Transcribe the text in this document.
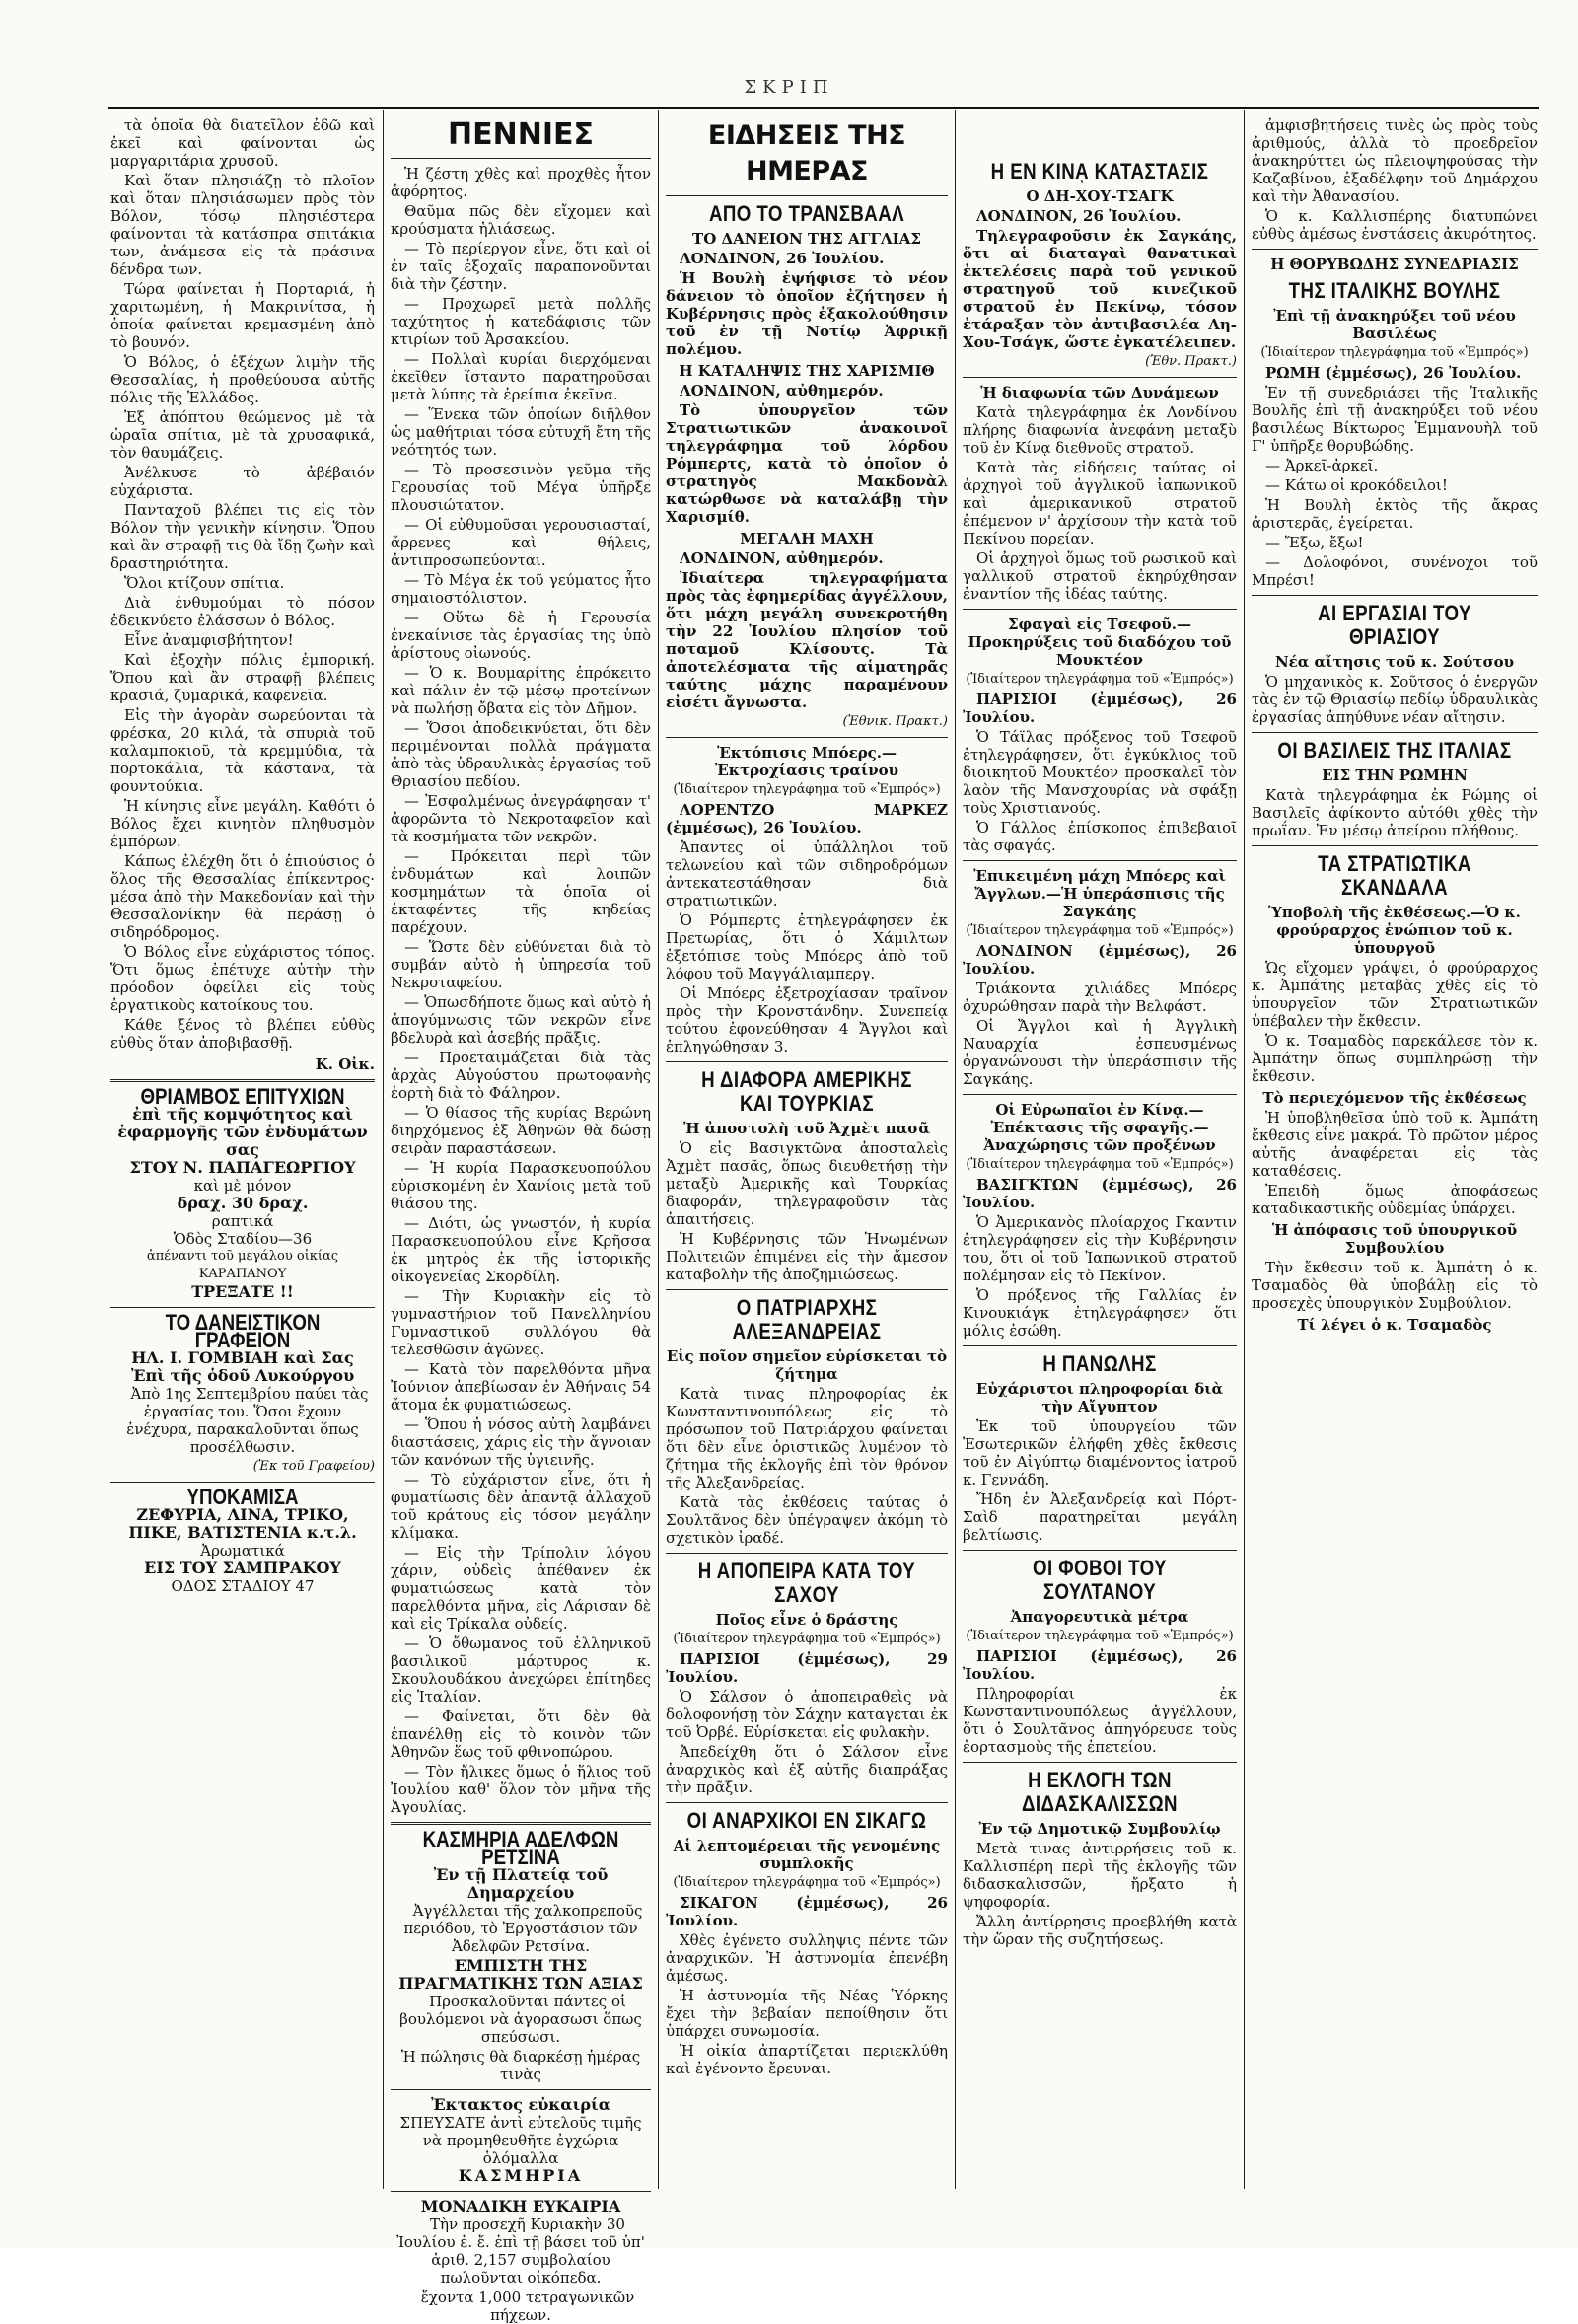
ΣΚΡΙΠ

τὰ ὁποῖα θὰ διατεῖλον ἐδῶ καὶ ἐκεῖ καὶ φαίνονται ὡς μαργαριτάρια χρυσοῦ.

Καὶ ὅταν πλησιάζῃ τὸ πλοῖον καὶ ὅταν πλησιάσωμεν πρὸς τὸν Βόλον, τόσῳ πλησιέστερα φαίνονται τὰ κατάσπρα σπιτάκια των, ἀνάμεσα εἰς τὰ πράσινα δένδρα των.

Τώρα φαίνεται ἡ Πορταριά, ἡ χαριτωμένη, ἡ Μακρινίτσα, ἡ ὁποία φαίνεται κρεμασμένη ἀπὸ τὸ βουνόν.

Ὁ Βόλος, ὁ ἐξέχων λιμὴν τῆς Θεσσαλίας, ἡ προθεύουσα αὐτῆς πόλις τῆς Ἑλλάδος.

Ἐξ ἀπόπτου θεώμενος μὲ τὰ ὡραῖα σπίτια, μὲ τὰ χρυσαφικά, τὸν θαυμάζεις.

Ἀνέλκυσε τὸ ἀβέβαιόν εὐχάριστα.

Πανταχοῦ βλέπει τις εἰς τὸν Βόλον τὴν γενικὴν κίνησιν. Ὅπου καὶ ἂν στραφῇ τις θὰ ἴδῃ ζωὴν καὶ δραστηριότητα.

Ὅλοι κτίζουν σπίτια.

Διὰ ἐνθυμούμαι τὸ πόσον ἐδεικνύετο ἐλάσσων ὁ Βόλος.

Εἶνε ἀναμφισβήτητον!

Καὶ ἐξοχὴν πόλις ἐμπορική. Ὅπου καὶ ἂν στραφῇ βλέπεις κρασιά, ζυμαρικά, καφενεῖα.

Εἰς τὴν ἀγορὰν σωρεύονται τὰ φρέσκα, 20 κιλά, τὰ σπυριὰ τοῦ καλαμποκιοῦ, τὰ κρεμμύδια, τὰ πορτοκάλια, τὰ κάστανα, τὰ φουντούκια.

Ἡ κίνησις εἶνε μεγάλη. Καθότι ὁ Βόλος ἔχει κινητὸν πληθυσμὸν ἐμπόρων.

Κάπως ἐλέχθη ὅτι ὁ ἐπιούσιος ὁ ὅλος τῆς Θεσσαλίας ἐπίκεντρος· μέσα ἀπὸ τὴν Μακεδονίαν καὶ τὴν Θεσσαλονίκην θὰ περάσῃ ὁ σιδηρόδρομος.

Ὁ Βόλος εἶνε εὐχάριστος τόπος. Ὅτι ὅμως ἐπέτυχε αὐτὴν τὴν πρόοδον ὀφείλει εἰς τοὺς ἐργατικοὺς κατοίκους του.

Κάθε ξένος τὸ βλέπει εὐθὺς εὐθὺς ὅταν ἀποβιβασθῇ.

Κ. Οἰκ.
ΘΡΙΑΜΒΟΣ ΕΠΙΤΥΧΙΩΝ
ἐπὶ τῆς κομψότητος καὶ ἐφαρμογῆς τῶν ἐνδυμάτων σας
ΣΤΟΥ Ν. ΠΑΠΑΓΕΩΡΓΙΟΥ
καὶ μὲ μόνον
δραχ. 30 δραχ.
ραπτικά
Ὁδὸς Σταδίου—36
ἀπέναντι τοῦ μεγάλου οἰκίας ΚΑΡΑΠΑΝΟΥ
ΤΡΕΞΑΤΕ !!
ΤΟ ΔΑΝΕΙΣΤΙΚΟΝ ΓΡΑΦΕΙΟΝ
ΗΛ. Ι. ΓΟΜΒΙΑΗ καὶ Σας
Ἐπὶ τῆς ὁδοῦ Λυκούργου

Ἀπὸ 1ης Σεπτεμβρίου παύει τὰς ἐργασίας του. Ὅσοι ἔχουν ἐνέχυρα, παρακαλοῦνται ὅπως προσέλθωσιν.

(Ἐκ τοῦ Γραφείου)
ΥΠΟΚΑΜΙΣΑ
ΖΕΦΥΡΙΑ, ΛΙΝΑ, ΤΡΙΚΟ, ΠΙΚΕ, ΒΑΤΙΣΤΕΝΙΑ κ.τ.λ.
Ἀρωματικά
ΕΙΣ ΤΟΥ ΣΑΜΠΡΑΚΟΥ
ΟΔΟΣ ΣΤΑΔΙΟΥ 47
ΠΕΝΝΙΕΣ

Ἡ ζέστη χθὲς καὶ προχθὲς ἦτον ἀφόρητος.

Θαῦμα πῶς δὲν εἴχομεν καὶ κρούσματα ἡλιάσεως.

— Τὸ περίεργον εἶνε, ὅτι καὶ οἱ ἐν ταῖς ἐξοχαῖς παραπονοῦνται διὰ τὴν ζέστην.

— Προχωρεῖ μετὰ πολλῆς ταχύτητος ἡ κατεδάφισις τῶν κτιρίων τοῦ Ἀρσακείου.

— Πολλαὶ κυρίαι διερχόμεναι ἐκεῖθεν ἵσταντο παρατηροῦσαι μετὰ λύπης τὰ ἐρείπια ἐκεῖνα.

— Ἕνεκα τῶν ὁποίων διῆλθον ὡς μαθήτριαι τόσα εὐτυχῆ ἔτη τῆς νεότητός των.

— Τὸ προσεσινὸν γεῦμα τῆς Γερουσίας τοῦ Μέγα ὑπῆρξε πλουσιώτατον.

— Οἱ εὐθυμοῦσαι γερουσιασταί, ἄρρενες καὶ θήλεις, ἀντιπροσωπεύονται.

— Τὸ Μέγα ἐκ τοῦ γεύματος ἦτο σημαιοστόλιστον.

— Οὕτω δὲ ἡ Γερουσία ἐνεκαίνισε τὰς ἐργασίας της ὑπὸ ἀρίστους οἰωνούς.

— Ὁ κ. Βουμαρίτης ἐπρόκειτο καὶ πάλιν ἐν τῷ μέσῳ προτείνων νὰ πωλήσῃ ὄβατα εἰς τὸν Δῆμον.

— Ὅσοι ἀποδεικνύεται, ὅτι δὲν περιμένονται πολλὰ πράγματα ἀπὸ τὰς ὑδραυλικὰς ἐργασίας τοῦ Θριασίου πεδίου.

— Ἐσφαλμένως ἀνεγράφησαν τ' ἀφορῶντα τὸ Νεκροταφεῖον καὶ τὰ κοσμήματα τῶν νεκρῶν.

— Πρόκειται περὶ τῶν ἐνδυμάτων καὶ λοιπῶν κοσμημάτων τὰ ὁποῖα οἱ ἐκταφέντες τῆς κηδείας παρέχουν.

— Ὥστε δὲν εὐθύνεται διὰ τὸ συμβάν αὐτὸ ἡ ὑπηρεσία τοῦ Νεκροταφείου.

— Ὁπωσδήποτε ὅμως καὶ αὐτὸ ἡ ἀπογύμνωσις τῶν νεκρῶν εἶνε βδελυρὰ καὶ ἀσεβής πρᾶξις.

— Προεταιμάζεται διὰ τὰς ἀρχὰς Αὐγούστου πρωτοφανὴς ἑορτὴ διὰ τὸ Φάληρον.

— Ὁ θίασος τῆς κυρίας Βερώνη διηρχόμενος ἐξ Ἀθηνῶν θὰ δώσῃ σειρὰν παραστάσεων.

— Ἡ κυρία Παρασκευοπούλου εὑρισκομένη ἐν Χανίοις μετὰ τοῦ θιάσου της.

— Διότι, ὡς γνωστόν, ἡ κυρία Παρασκευοπούλου εἶνε Κρῆσσα ἐκ μητρὸς ἐκ τῆς ἱστορικῆς οἰκογενείας Σκορδίλη.

— Τὴν Κυριακὴν εἰς τὸ γυμναστήριον τοῦ Πανελληνίου Γυμναστικοῦ συλλόγου θὰ τελεσθῶσιν ἀγῶνες.

— Κατὰ τὸν παρελθόντα μῆνα Ἰούνιον ἀπεβίωσαν ἐν Ἀθήναις 54 ἄτομα ἐκ φυματιώσεως.

— Ὅπου ἡ νόσος αὐτὴ λαμβάνει διαστάσεις, χάρις εἰς τὴν ἄγνοιαν τῶν κανόνων τῆς ὑγιεινῆς.

— Τὸ εὐχάριστον εἶνε, ὅτι ἡ φυματίωσις δὲν ἀπαντᾷ ἀλλαχοῦ τοῦ κράτους εἰς τόσον μεγάλην κλίμακα.

— Εἰς τὴν Τρίπολιν λόγου χάριν, οὐδεὶς ἀπέθανεν ἐκ φυματιώσεως κατὰ τὸν παρελθόντα μῆνα, εἰς Λάρισαν δὲ καὶ εἰς Τρίκαλα οὐδείς.

— Ὁ ὄθωμανος τοῦ ἑλληνικοῦ βασιλικοῦ μάρτυρος κ. Σκουλουδάκου ἀνεχώρει ἐπίτηδες εἰς Ἰταλίαν.

— Φαίνεται, ὅτι δὲν θὰ ἐπανέλθῃ εἰς τὸ κοινὸν τῶν Ἀθηνῶν ἕως τοῦ φθινοπώρου.

— Τὸν ἤλικες ὅμως ὁ ἥλιος τοῦ Ἰουλίου καθ' ὅλον τὸν μῆνα τῆς Ἀγουλίας.

ΚΑΣΜΗΡΙΑ ΑΔΕΛΦΩΝ ΡΕΤΣΙΝΑ
Ἐν τῇ Πλατείᾳ τοῦ Δημαρχείου

Ἀγγέλλεται τῆς χαλκοπρεποῦς περιόδου, τὸ Ἐργοστάσιον τῶν Ἀδελφῶν Ρετσίνα.

ΕΜΠΙΣΤΗ ΤΗΣ ΠΡΑΓΜΑΤΙΚΗΣ ΤΩΝ ΑΞΙΑΣ

Προσκαλοῦνται πάντες οἱ βουλόμενοι νὰ ἀγορασωσι ὅπως σπεύσωσι.

Ἡ πώλησις θὰ διαρκέσῃ ἡμέρας τινὰς
Ἐκτακτος εὐκαιρία
ΣΠΕΥΣΑΤΕ ἀντὶ εὐτελοῦς τιμῆς νὰ προμηθευθῆτε ἐγχώρια ὁλόμαλλα
ΚΑΣΜΗΡΙΑ
ΜΟΝΑΔΙΚΗ ΕΥΚΑΙΡΙΑ

Τὴν προσεχῆ Κυριακὴν 30 Ἰουλίου ἐ. ἔ. ἐπὶ τῇ βάσει τοῦ ὑπ' ἀριθ. 2,157 συμβολαίου πωλοῦνται οἰκόπεδα.

ἔχοντα 1,000 τετραγωνικῶν πήχεων.

ΕΙΔΗΣΕΙΣ ΤΗΣ ΗΜΕΡΑΣ
ΑΠΟ ΤΟ ΤΡΑΝΣΒΑΑΛ
ΤΟ ΔΑΝΕΙΟΝ ΤΗΣ ΑΓΓΛΙΑΣ
ΛΟΝΔΙΝΟΝ, 26 Ἰουλίου.

Ἡ Βουλὴ ἐψήφισε τὸ νέον δάνειον τὸ ὁποῖον ἐζήτησεν ἡ Κυβέρνησις πρὸς ἐξακολούθησιν τοῦ ἐν τῇ Νοτίῳ Ἀφρικῇ πολέμου.

Η ΚΑΤΑΛΗΨΙΣ ΤΗΣ ΧΑΡΙΣΜΙΘ
ΛΟΝΔΙΝΟΝ, αὐθημερόν.

Τὸ ὑπουργεῖον τῶν Στρατιωτικῶν ἀνακοινοῖ τηλεγράφημα τοῦ λόρδου Ρόμπερτς, κατὰ τὸ ὁποῖον ὁ στρατηγὸς Μακδονὰλ κατώρθωσε νὰ καταλάβῃ τὴν Χαρισμίθ.

ΜΕΓΑΛΗ ΜΑΧΗ
ΛΟΝΔΙΝΟΝ, αὐθημερόν.

Ἰδιαίτερα τηλεγραφήματα πρὸς τὰς ἐφημερίδας ἀγγέλλουν, ὅτι μάχη μεγάλη συνεκροτήθη τὴν 22 Ἰουλίου πλησίον τοῦ ποταμοῦ Κλίσουτς. Τὰ ἀποτελέσματα τῆς αἱματηρᾶς ταύτης μάχης παραμένουν εἰσέτι ἄγνωστα.

(Ἐθνικ. Πρακτ.)
Ἐκτόπισις Μπόερς.—Ἐκτροχίασις τραίνου
(Ἰδιαίτερον τηλεγράφημα τοῦ «Ἐμπρός»)
ΛΟΡΕΝΤΖΟ ΜΑΡΚΕΖ (ἐμμέσως), 26 Ἰουλίου.

Ἀπαντες οἱ ὑπάλληλοι τοῦ τελωνείου καὶ τῶν σιδηροδρόμων ἀντεκατεστάθησαν διὰ στρατιωτικῶν.

Ὁ Ρόμπερτς ἐτηλεγράφησεν ἐκ Πρετωρίας, ὅτι ὁ Χάμιλτων ἐξετόπισε τοὺς Μπόερς ἀπὸ τοῦ λόφου τοῦ Μαγγάλιαμπεργ.

Οἱ Μπόερς ἐξετροχίασαν τραῖνον πρὸς τὴν Κρονστάνδην. Συνεπείᾳ τούτου ἐφονεύθησαν 4 Ἄγγλοι καὶ ἐπληγώθησαν 3.

Η ΔΙΑΦΟΡΑ ΑΜΕΡΙΚΗΣ ΚΑΙ ΤΟΥΡΚΙΑΣ
Ἡ ἀποστολὴ τοῦ Ἀχμὲτ πασᾶ

Ὁ εἰς Βασιγκτῶνα ἀποσταλεὶς Ἀχμὲτ πασᾶς, ὅπως διευθετήσῃ τὴν μεταξὺ Ἀμερικῆς καὶ Τουρκίας διαφοράν, τηλεγραφοῦσιν τὰς ἀπαιτήσεις.

Ἡ Κυβέρνησις τῶν Ἡνωμένων Πολιτειῶν ἐπιμένει εἰς τὴν ἄμεσον καταβολὴν τῆς ἀποζημιώσεως.

Ο ΠΑΤΡΙΑΡΧΗΣ ΑΛΕΞΑΝΔΡΕΙΑΣ
Εἰς ποῖον σημεῖον εὑρίσκεται τὸ ζήτημα

Κατὰ τινας πληροφορίας ἐκ Κωνσταντινουπόλεως εἰς τὸ πρόσωπον τοῦ Πατριάρχου φαίνεται ὅτι δὲν εἶνε ὁριστικῶς λυμένον τὸ ζήτημα τῆς ἐκλογῆς ἐπὶ τὸν θρόνον τῆς Ἀλεξανδρείας.

Κατὰ τὰς ἐκθέσεις ταύτας ὁ Σουλτᾶνος δὲν ὑπέγραψεν ἀκόμη τὸ σχετικὸν ἰραδέ.

Η ΑΠΟΠΕΙΡΑ ΚΑΤΑ ΤΟΥ ΣΑΧΟΥ
Ποῖος εἶνε ὁ δράστης
(Ἰδιαίτερον τηλεγράφημα τοῦ «Ἐμπρός»)
ΠΑΡΙΣΙΟΙ (ἐμμέσως), 29 Ἰουλίου.

Ὁ Σάλσον ὁ ἀποπειραθεὶς νὰ δολοφονήσῃ τὸν Σάχην καταγεται ἐκ τοῦ Ὀρβέ. Εὑρίσκεται εἰς φυλακὴν.

Ἀπεδείχθη ὅτι ὁ Σάλσον εἶνε ἀναρχικὸς καὶ ἐξ αὐτῆς διαπράξας τὴν πρᾶξιν.

ΟΙ ΑΝΑΡΧΙΚΟΙ ΕΝ ΣΙΚΑΓΩ
Αἱ λεπτομέρειαι τῆς γενομένης συμπλοκῆς
(Ἰδιαίτερον τηλεγράφημα τοῦ «Ἐμπρός»)
ΣΙΚΑΓΟΝ (ἐμμέσως), 26 Ἰουλίου.

Χθὲς ἐγένετο συλληψις πέντε τῶν ἀναρχικῶν. Ἡ ἀστυνομία ἐπενέβη ἀμέσως.

Ἡ ἀστυνομία τῆς Νέας Ὑόρκης ἔχει τὴν βεβαίαν πεποίθησιν ὅτι ὑπάρχει συνωμοσία.

Ἡ οἰκία ἀπαρτίζεται περιεκλύθη καὶ ἐγένοντο ἔρευναι.

Η ΕΝ ΚΙΝᾼ ΚΑΤΑΣΤΑΣΙΣ
Ο ΔΗ-ΧΟΥ-ΤΣΑΓΚ
ΛΟΝΔΙΝΟΝ, 26 Ἰουλίου.

Τηλεγραφοῦσιν ἐκ Σαγκάης, ὅτι αἱ διαταγαὶ θανατικαὶ ἐκτελέσεις παρὰ τοῦ γενικοῦ στρατηγοῦ τοῦ κινεζικοῦ στρατοῦ ἐν Πεκίνῳ, τόσον ἐτάραξαν τὸν ἀντιβασιλέα Λη-Χου-Τσάγκ, ὥστε ἐγκατέλειπεν.

(Ἐθν. Πρακτ.)
Ἡ διαφωνία τῶν Δυνάμεων

Κατὰ τηλεγράφημα ἐκ Λονδίνου πλήρης διαφωνία ἀνεφάνη μεταξὺ τοῦ ἐν Κίνᾳ διεθνοῦς στρατοῦ.

Κατὰ τὰς εἰδήσεις ταύτας οἱ ἀρχηγοὶ τοῦ ἀγγλικοῦ ἰαπωνικοῦ καὶ ἀμερικανικοῦ στρατοῦ ἐπέμενον ν' ἀρχίσουν τὴν κατὰ τοῦ Πεκίνου πορείαν.

Οἱ ἀρχηγοὶ ὅμως τοῦ ρωσικοῦ καὶ γαλλικοῦ στρατοῦ ἐκηρύχθησαν ἐναντίον τῆς ἰδέας ταύτης.

Σφαγαὶ εἰς Τσεφοῦ.—Προκηρύξεις τοῦ διαδόχου τοῦ Μουκτέον
(Ἰδιαίτερον τηλεγράφημα τοῦ «Ἐμπρός»)
ΠΑΡΙΣΙΟΙ (ἐμμέσως), 26 Ἰουλίου.

Ὁ Τάϊλας πρόξενος τοῦ Τσεφοῦ ἐτηλεγράφησεν, ὅτι ἐγκύκλιος τοῦ διοικητοῦ Μουκτέον προσκαλεῖ τὸν λαὸν τῆς Μανσχουρίας νὰ σφάξῃ τοὺς Χριστιανούς.

Ὁ Γάλλος ἐπίσκοπος ἐπιβεβαιοῖ τὰς σφαγάς.

Ἐπικειμένη μάχη Μπόερς καὶ Ἄγγλων.—Ἡ ὑπεράσπισις τῆς Σαγκάης
(Ἰδιαίτερον τηλεγράφημα τοῦ «Ἐμπρός»)
ΛΟΝΔΙΝΟΝ (ἐμμέσως), 26 Ἰουλίου.

Τριάκοντα χιλιάδες Μπόερς ὀχυρώθησαν παρὰ τὴν Βελφάστ.

Οἱ Ἄγγλοι καὶ ἡ Ἀγγλικὴ Ναυαρχία ἐσπευσμένως ὀργανώνουσι τὴν ὑπεράσπισιν τῆς Σαγκάης.

Οἱ Εὐρωπαῖοι ἐν Κίνᾳ.—Ἐπέκτασις τῆς σφαγῆς.—Ἀναχώρησις τῶν προξένων
(Ἰδιαίτερον τηλεγράφημα τοῦ «Ἐμπρός»)
ΒΑΣΙΓΚΤΩΝ (ἐμμέσως), 26 Ἰουλίου.

Ὁ Ἀμερικανὸς πλοίαρχος Γκαντιν ἐτηλεγράφησεν εἰς τὴν Κυβέρνησιν του, ὅτι οἱ τοῦ Ἰαπωνικοῦ στρατοῦ πολέμησαν εἰς τὸ Πεκίνον.

Ὁ πρόξενος τῆς Γαλλίας ἐν Κινουκιάγκ ἐτηλεγράφησεν ὅτι μόλις ἐσώθη.

Η ΠΑΝΩΛΗΣ
Εὐχάριστοι πληροφορίαι διὰ τὴν Αἴγυπτον

Ἐκ τοῦ ὑπουργείου τῶν Ἐσωτερικῶν ἐλήφθη χθὲς ἔκθεσις τοῦ ἐν Αἰγύπτῳ διαμένοντος ἰατροῦ κ. Γεννάδη.

Ἤδη ἐν Ἀλεξανδρείᾳ καὶ Πόρτ-Σαὶδ παρατηρεῖται μεγάλη βελτίωσις.

ΟΙ ΦΟΒΟΙ ΤΟΥ ΣΟΥΛΤΑΝΟΥ
Ἀπαγορευτικὰ μέτρα
(Ἰδιαίτερον τηλεγράφημα τοῦ «Ἐμπρός»)
ΠΑΡΙΣΙΟΙ (ἐμμέσως), 26 Ἰουλίου.

Πληροφορίαι ἐκ Κωνσταντινουπόλεως ἀγγέλλουν, ὅτι ὁ Σουλτᾶνος ἀπηγόρευσε τοὺς ἑορτασμοὺς τῆς ἐπετείου.

Η ΕΚΛΟΓΗ ΤΩΝ ΔΙΔΑΣΚΑΛΙΣΣΩΝ
Ἐν τῷ Δημοτικῷ Συμβουλίῳ

Μετὰ τινας ἀντιρρήσεις τοῦ κ. Καλλισπέρη περὶ τῆς ἐκλογῆς τῶν διδασκαλισσῶν, ἤρξατο ἡ ψηφοφορία.

Ἄλλη ἀντίρρησις προεβλήθη κατὰ τὴν ὥραν τῆς συζητήσεως.

ἀμφισβητήσεις τινὲς ὡς πρὸς τοὺς ἀριθμούς, ἀλλὰ τὸ προεδρεῖον ἀνακηρύττει ὡς πλειοψηφούσας τὴν Καζαβίνου, ἐξαδέλφην τοῦ Δημάρχου καὶ τὴν Ἀθανασίου.

Ὁ κ. Καλλισπέρης διατυπώνει εὐθὺς ἀμέσως ἐνστάσεις ἀκυρότητος.

Η ΘΟΡΥΒΩΔΗΣ ΣΥΝΕΔΡΙΑΣΙΣ
ΤΗΣ ΙΤΑΛΙΚΗΣ ΒΟΥΛΗΣ
Ἐπὶ τῇ ἀνακηρύξει τοῦ νέου Βασιλέως
(Ἰδιαίτερον τηλεγράφημα τοῦ «Ἐμπρός»)
ΡΩΜΗ (ἐμμέσως), 26 Ἰουλίου.

Ἐν τῇ συνεδριάσει τῆς Ἰταλικῆς Βουλῆς ἐπὶ τῇ ἀνακηρύξει τοῦ νέου βασιλέως Βίκτωρος Ἐμμανουὴλ τοῦ Γ' ὑπῆρξε θορυβώδης.

— Ἀρκεῖ-ἀρκεῖ.

— Κάτω οἱ κροκόδειλοι!

Ἡ Βουλὴ ἐκτὸς τῆς ἄκρας ἀριστερᾶς, ἐγείρεται.

— Ἔξω, ἔξω!

— Δολοφόνοι, συνένοχοι τοῦ Μπρέσι!

ΑΙ ΕΡΓΑΣΙΑΙ ΤΟΥ ΘΡΙΑΣΙΟΥ
Νέα αἴτησις τοῦ κ. Σούτσου

Ὁ μηχανικὸς κ. Σοῦτσος ὁ ἐνεργῶν τὰς ἐν τῷ Θριασίῳ πεδίῳ ὑδραυλικὰς ἐργασίας ἀπηύθυνε νέαν αἴτησιν.

ΟΙ ΒΑΣΙΛΕΙΣ ΤΗΣ ΙΤΑΛΙΑΣ
ΕΙΣ ΤΗΝ ΡΩΜΗΝ

Κατὰ τηλεγράφημα ἐκ Ρώμης οἱ Βασιλεῖς ἀφίκοντο αὐτόθι χθὲς τὴν πρωΐαν. Ἐν μέσῳ ἀπείρου πλήθους.

ΤΑ ΣΤΡΑΤΙΩΤΙΚΑ ΣΚΑΝΔΑΛΑ
Ὑποβολὴ τῆς ἐκθέσεως.—Ὁ κ. φρούραρχος ἐνώπιον τοῦ κ. ὑπουργοῦ

Ὡς εἴχομεν γράψει, ὁ φρούραρχος κ. Ἀμπάτης μεταβὰς χθὲς εἰς τὸ ὑπουργεῖον τῶν Στρατιωτικῶν ὑπέβαλεν τὴν ἔκθεσιν.

Ὁ κ. Τσαμαδὸς παρεκάλεσε τὸν κ. Ἀμπάτην ὅπως συμπληρώσῃ τὴν ἔκθεσιν.

Τὸ περιεχόμενον τῆς ἐκθέσεως

Ἡ ὑποβληθεῖσα ὑπὸ τοῦ κ. Ἀμπάτη ἔκθεσις εἶνε μακρά. Τὸ πρῶτον μέρος αὐτῆς ἀναφέρεται εἰς τὰς καταθέσεις.

Ἐπειδὴ ὅμως ἀποφάσεως καταδικαστικῆς οὐδεμίας ὑπάρχει.

Ἡ ἀπόφασις τοῦ ὑπουργικοῦ Συμβουλίου

Τὴν ἔκθεσιν τοῦ κ. Ἀμπάτη ὁ κ. Τσαμαδὸς θὰ ὑποβάλῃ εἰς τὸ προσεχὲς ὑπουργικὸν Συμβούλιον.

Τί λέγει ὁ κ. Τσαμαδὸς
